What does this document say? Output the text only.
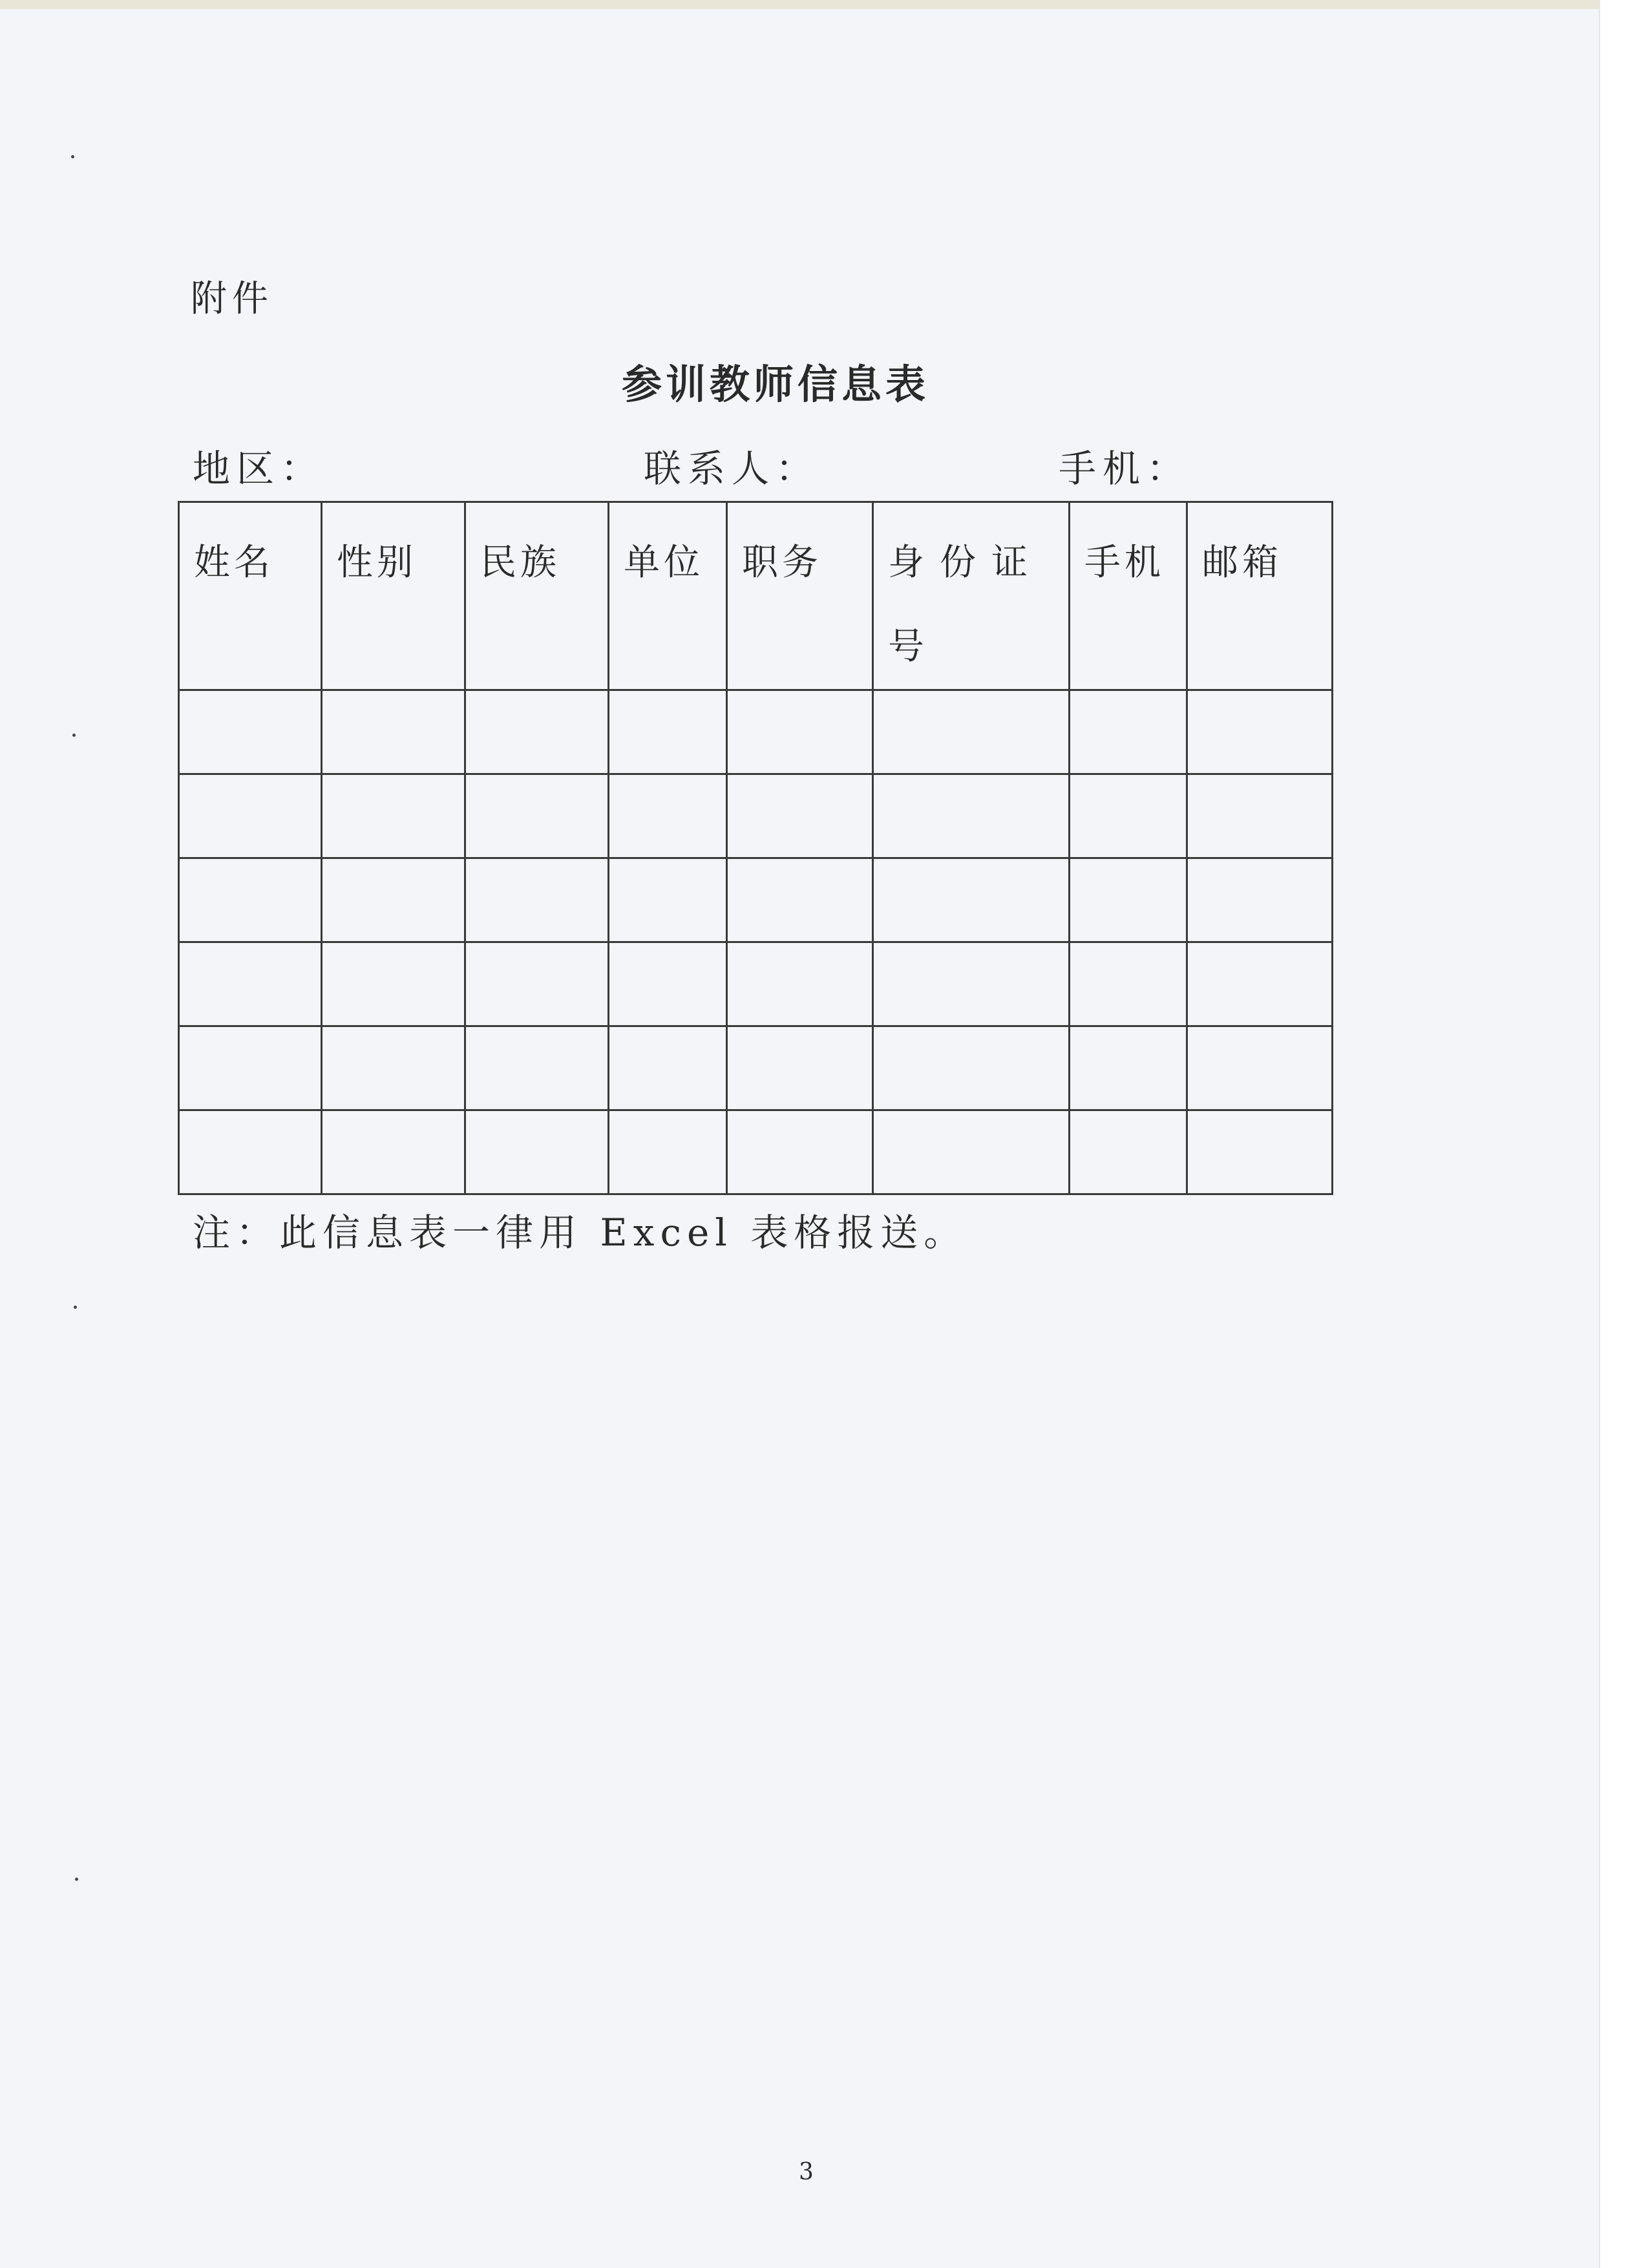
附件
参训教师信息表
地区：	联系人：	手机：
姓名	性别	民族	单位	职务	身份证号	手机	邮箱

注：此信息表一律用 Excel 表格报送。
3
